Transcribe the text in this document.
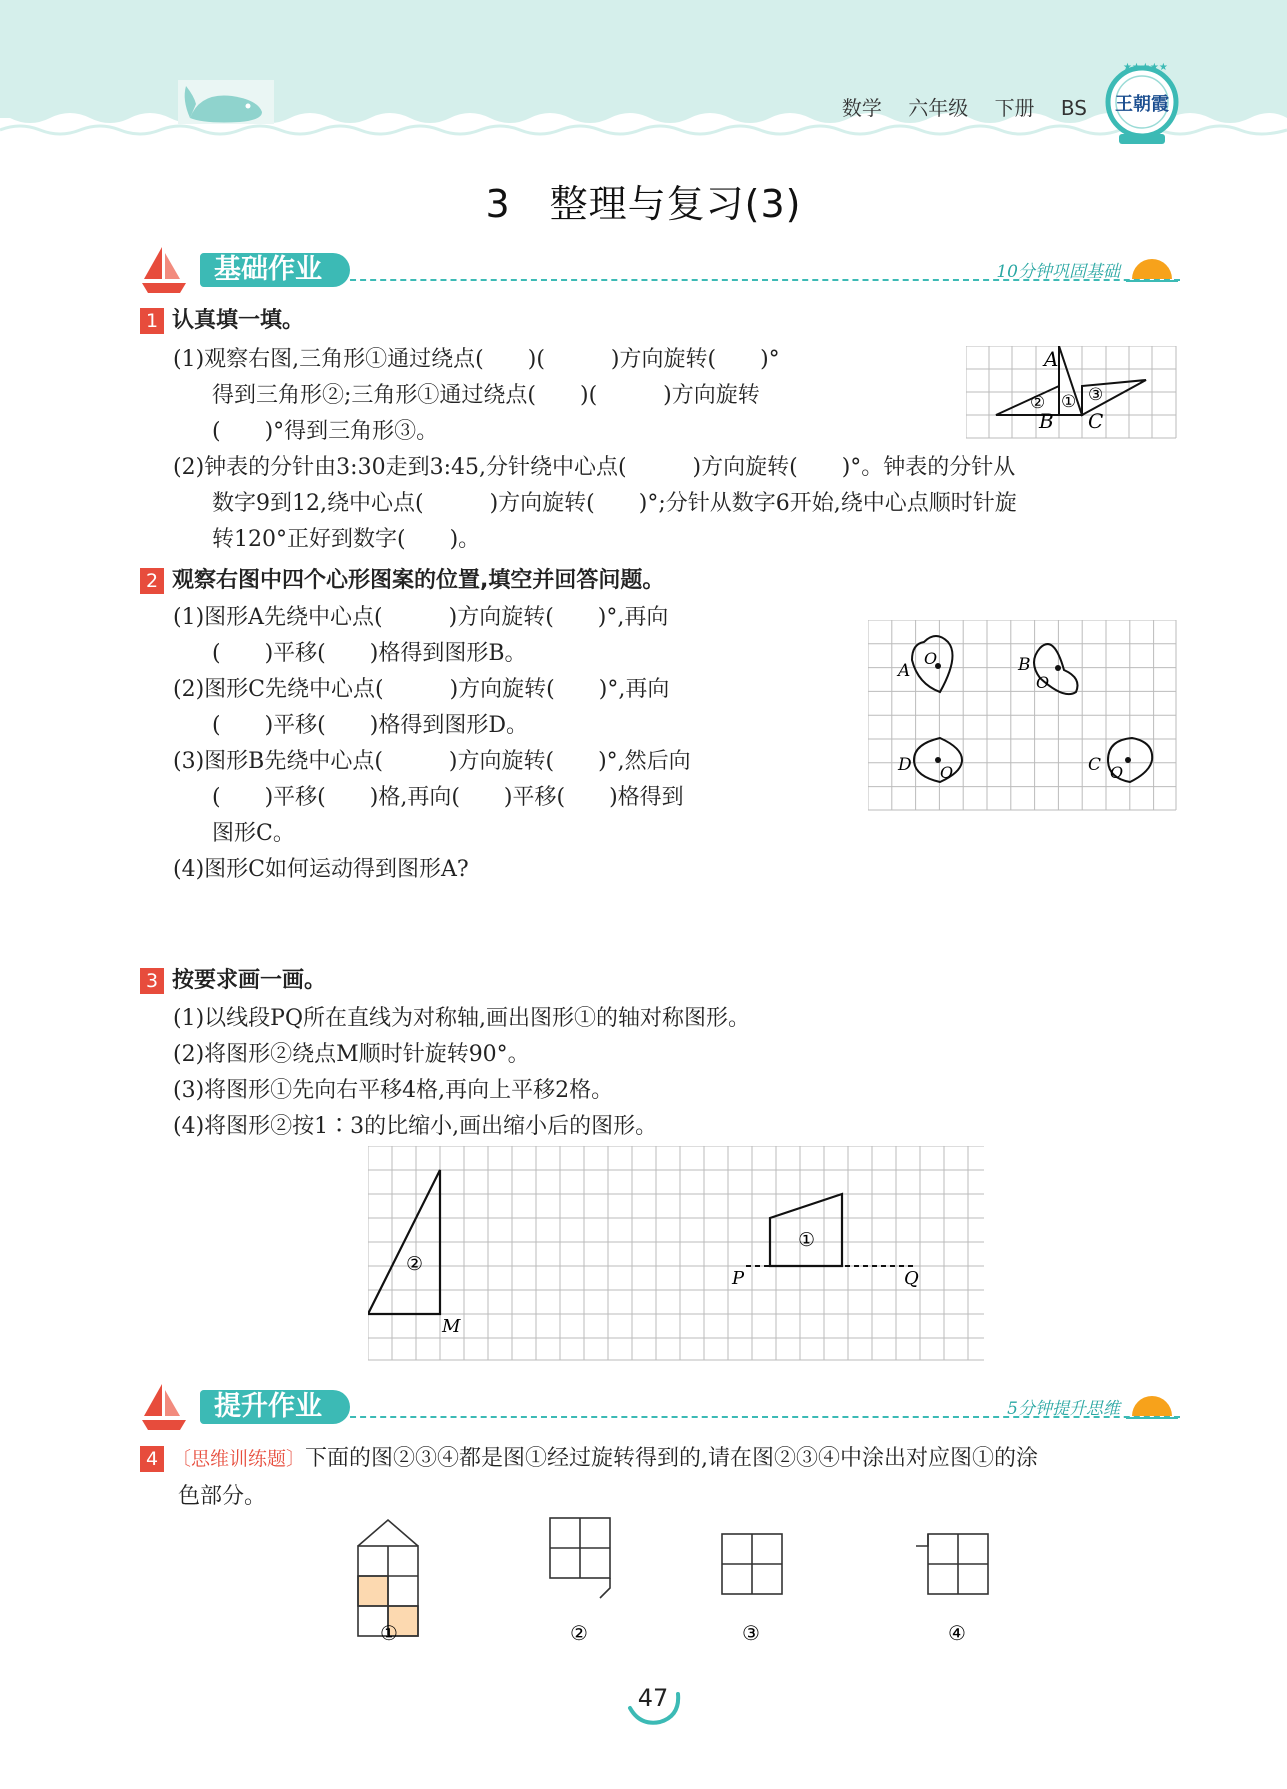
数学 六年级 下册 BS
★★★★★
王朝霞
3　整理与复习(3)
基础作业	10分钟巩固基础
1 认真填一填。
(1)观察右图,三角形①通过绕点(　　)(　　　)方向旋转(　　)°
得到三角形②;三角形①通过绕点(　　)(　　　)方向旋转
(　　)°得到三角形③。
(2)钟表的分针由3:30走到3:45,分针绕中心点(　　　)方向旋转(　　)°。钟表的分针从
数字9到12,绕中心点(　　　)方向旋转(　　)°;分针从数字6开始,绕中心点顺时针旋
转120°正好到数字(　　)。
A
B C
①
②	③
2 观察右图中四个心形图案的位置,填空并回答问题。
(1)图形A先绕中心点(　　　)方向旋转(　　)°,再向
(　　)平移(　　)格得到图形B。
(2)图形C先绕中心点(　　　)方向旋转(　　)°,再向
(　　)平移(　　)格得到图形D。
(3)图形B先绕中心点(　　　)方向旋转(　　)°,然后向
(　　)平移(　　)格,再向(　　)平移(　　)格得到
图形C。
(4)图形C如何运动得到图形A?
A	B
D	C
O
O
O	O
3 按要求画一画。
(1)以线段PQ所在直线为对称轴,画出图形①的轴对称图形。
(2)将图形②绕点M顺时针旋转90°。
(3)将图形①先向右平移4格,再向上平移2格。
(4)将图形②按1∶3的比缩小,画出缩小后的图形。
P	Q
M
①
②
提升作业	5分钟提升思维
4 〔思维训练题〕下面的图②③④都是图①经过旋转得到的,请在图②③④中涂出对应图①的涂
色部分。
①	②	③	④
47
